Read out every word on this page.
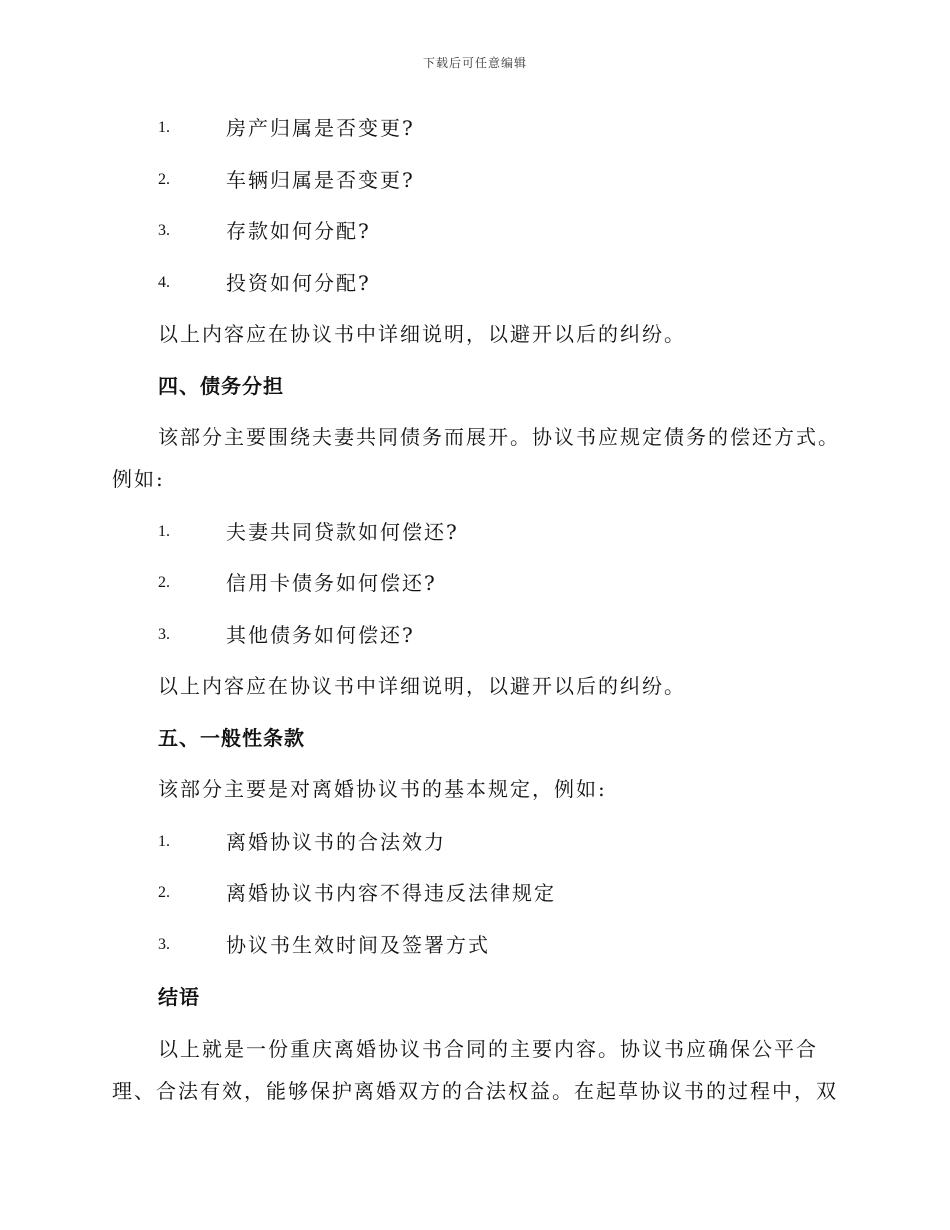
下载后可任意编辑
1.	房产归属是否变更?
2.	车辆归属是否变更?
3.	存款如何分配?
4.	投资如何分配?
以上内容应在协议书中详细说明，以避开以后的纠纷。
四、债务分担
该部分主要围绕夫妻共同债务而展开。协议书应规定债务的偿还方式。
例如:
1.	夫妻共同贷款如何偿还?
2.	信用卡债务如何偿还?
3.	其他债务如何偿还?
以上内容应在协议书中详细说明，以避开以后的纠纷。
五、一般性条款
该部分主要是对离婚协议书的基本规定，例如:
1.	离婚协议书的合法效力
2.	离婚协议书内容不得违反法律规定
3.	协议书生效时间及签署方式
结语
以上就是一份重庆离婚协议书合同的主要内容。协议书应确保公平合
理、合法有效，能够保护离婚双方的合法权益。在起草协议书的过程中，双
